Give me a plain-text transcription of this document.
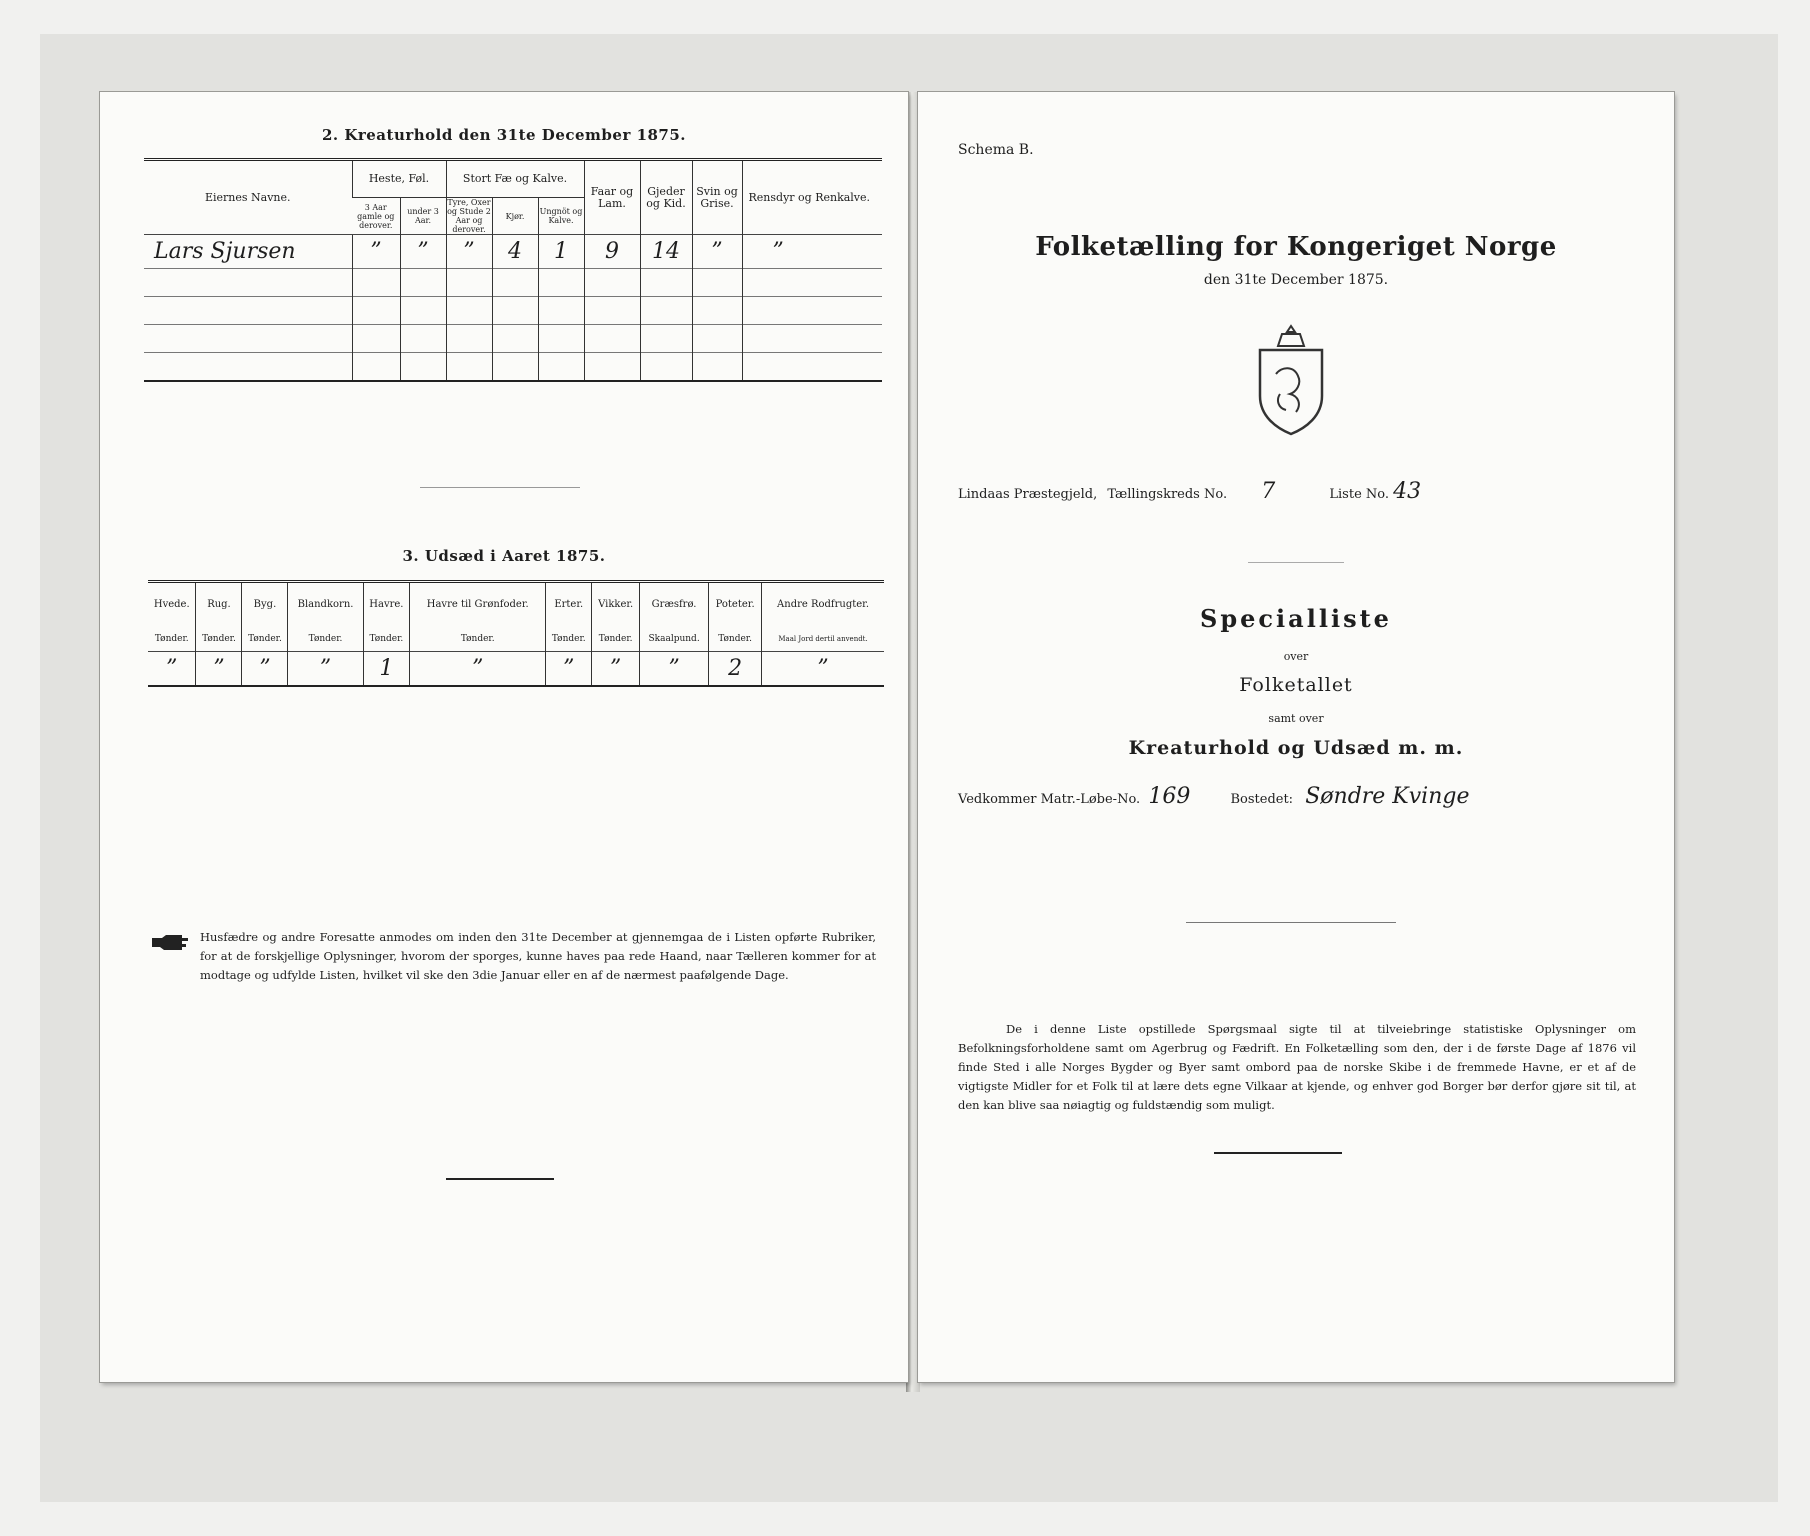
2. Kreaturhold den 31te December 1875.
Eiernes Navne.	Heste, Føl.		Stort Fæ og Kalve.			Faar og Lam.	Gjeder og Kid.	Svin og Grise.	Rensdyr og Renkalve.
	3 Aar gamle og derover.	under 3 Aar.	Tyre, Oxer og Stude 2 Aar og derover.	Kjør.	Ungnöt og Kalve.				
Lars Sjursen	”	”	”	4	1	9	14	”	”

3. Udsæd i Aaret 1875.
Hvede.	Rug.	Byg.	Blandkorn.	Havre.	Havre til Grønfoder.	Erter.	Vikker.	Græsfrø.	Poteter.	Andre Rodfrugter.
Tønder.	Tønder.	Tønder.	Tønder.	Tønder.	Tønder.	Tønder.	Tønder.	Skaalpund.	Tønder.	Maal Jord dertil anvendt.
”	”	”	”	1	”	”	”	”	2	”
Husfædre og andre Foresatte anmodes om inden den 31te December at gjennemgaa de i Listen opførte Rubriker, for at de forskjellige Oplysninger, hvorom der sporges, kunne haves paa rede Haand, naar Tælleren kommer for at modtage og udfylde Listen, hvilket vil ske den 3die Januar eller en af de nærmest paafølgende Dage.
Schema B.
Folketælling for Kongeriget Norge
den 31te December 1875.
Lindaas Præstegjeld, Tællingskreds No. 7	Liste No. 43
Specialliste
over
Folketallet
samt over
Kreaturhold og Udsæd m. m.
Vedkommer Matr.-Løbe-No. 169	Bostedet: Søndre Kvinge
De i denne Liste opstillede Spørgsmaal sigte til at tilveiebringe statistiske Oplysninger om Befolkningsforholdene samt om Agerbrug og Fædrift. En Folketælling som den, der i de første Dage af 1876 vil finde Sted i alle Norges Bygder og Byer samt ombord paa de norske Skibe i de fremmede Havne, er et af de vigtigste Midler for et Folk til at lære dets egne Vilkaar at kjende, og enhver god Borger bør derfor gjøre sit til, at den kan blive saa nøiagtig og fuldstændig som muligt.
